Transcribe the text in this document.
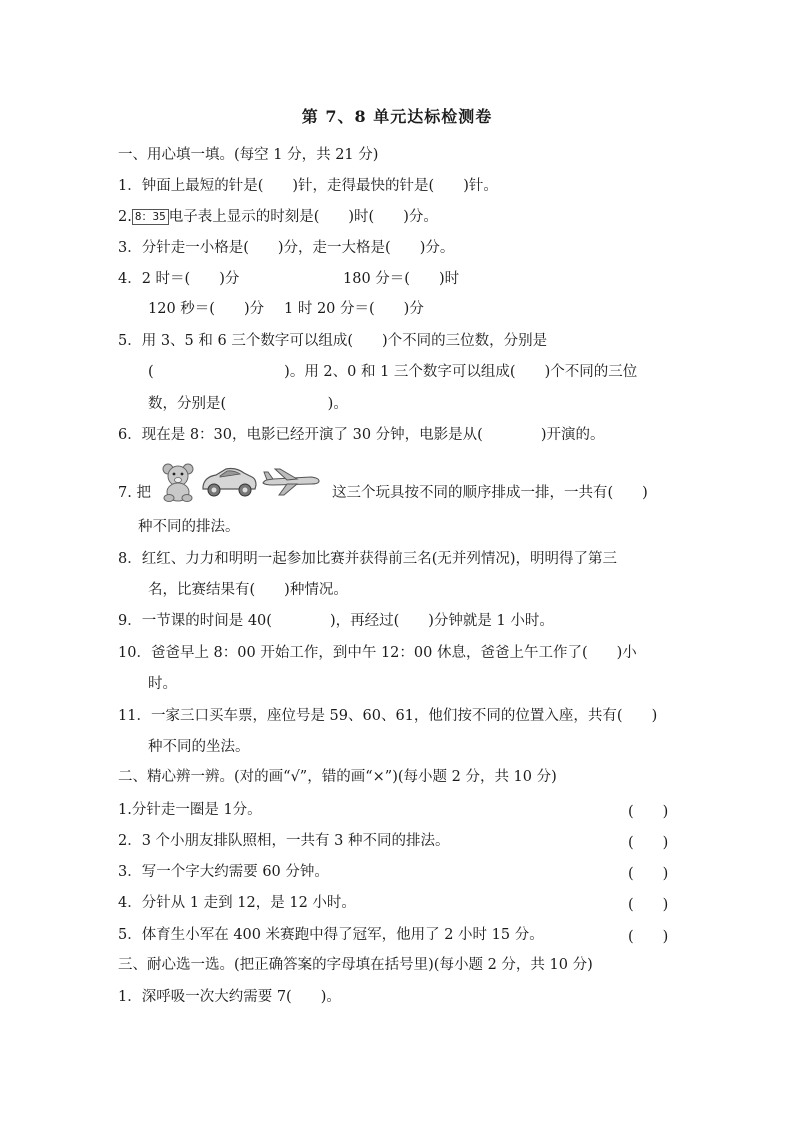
第 7、8 单元达标检测卷
一、用心填一填。(每空 1 分，共 21 分)
1．钟面上最短的针是(　　)针，走得最快的针是(　　)针。
2. 8：35 电子表上显示的时刻是(　　)时(　　)分。
3．分针走一小格是(　　)分，走一大格是(　　)分。
4．2 时＝(　　)分	180 分＝(　　)时
120 秒＝(　　)分 1 时 20 分＝(　　)分
5．用 3、5 和 6 三个数字可以组成(　　)个不同的三位数，分别是
(　　　　　　　　　)。用 2、0 和 1 三个数字可以组成(　　)个不同的三位
数，分别是(　　　　　　　)。
6．现在是 8：30，电影已经开演了 30 分钟，电影是从(　　　　)开演的。
7. 把	这三个玩具按不同的顺序排成一排，一共有(　　)
种不同的排法。
8．红红、力力和明明一起参加比赛并获得前三名(无并列情况)，明明得了第三
名，比赛结果有(　　)种情况。
9．一节课的时间是 40(　　　　)，再经过(　　)分钟就是 1 小时。
10．爸爸早上 8：00 开始工作，到中午 12：00 休息，爸爸上午工作了(　　)小
时。
11．一家三口买车票，座位号是 59、60、61，他们按不同的位置入座，共有(　　)
种不同的坐法。
二、精心辨一辨。(对的画“√”，错的画“×”)(每小题 2 分，共 10 分)
1.分针走一圈是 1分。	(　　)
2．3 个小朋友排队照相，一共有 3 种不同的排法。	(　　)
3．写一个字大约需要 60 分钟。	(　　)
4．分针从 1 走到 12，是 12 小时。	(　　)
5．体育生小军在 400 米赛跑中得了冠军，他用了 2 小时 15 分。	(　　)
三、耐心选一选。(把正确答案的字母填在括号里)(每小题 2 分，共 10 分)
1．深呼吸一次大约需要 7(　　)。
